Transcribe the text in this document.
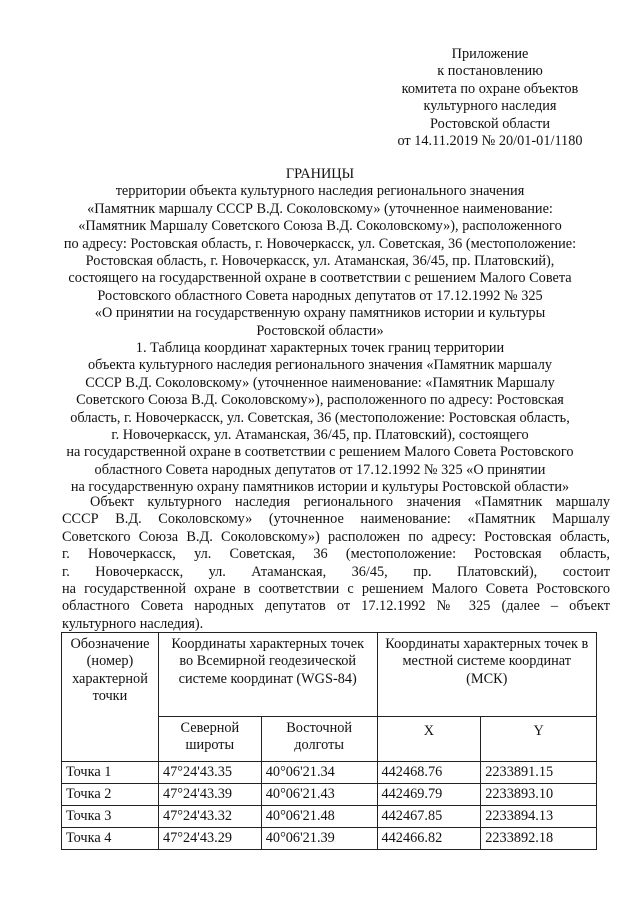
Приложение
к постановлению
комитета по охране объектов
культурного наследия
Ростовской области
от 14.11.2019 № 20/01-01/1180
ГРАНИЦЫ
территории объекта культурного наследия регионального значения
«Памятник маршалу СССР В.Д. Соколовскому» (уточненное наименование:
«Памятник Маршалу Советского Союза В.Д. Соколовскому»), расположенного
по адресу: Ростовская область, г. Новочеркасск, ул. Советская, 36 (местоположение:
Ростовская область, г. Новочеркасск, ул. Атаманская, 36/45, пр. Платовский),
состоящего на государственной охране в соответствии с решением Малого Совета
Ростовского областного Совета народных депутатов от 17.12.1992 № 325
«О принятии на государственную охрану памятников истории и культуры
Ростовской области»
1. Таблица координат характерных точек границ территории
объекта культурного наследия регионального значения «Памятник маршалу
СССР В.Д. Соколовскому» (уточненное наименование: «Памятник Маршалу
Советского Союза В.Д. Соколовскому»), расположенного по адресу: Ростовская
область, г. Новочеркасск, ул. Советская, 36 (местоположение: Ростовская область,
г. Новочеркасск, ул. Атаманская, 36/45, пр. Платовский), состоящего
на государственной охране в соответствии с решением Малого Совета Ростовского
областного Совета народных депутатов от 17.12.1992 № 325 «О принятии
на государственную охрану памятников истории и культуры Ростовской области»
Объект культурного наследия регионального значения «Памятник маршалу
СССР В.Д. Соколовскому» (уточненное наименование: «Памятник Маршалу
Советского Союза В.Д. Соколовскому») расположен по адресу: Ростовская область,
г. Новочеркасск, ул. Советская, 36 (местоположение: Ростовская область,
г. Новочеркасск, ул. Атаманская, 36/45, пр. Платовский), состоит
на государственной охране в соответствии с решением Малого Совета Ростовского
областного Совета народных депутатов от 17.12.1992 № 325 (далее – объект
культурного наследия).
Обозначение (номер) характерной точки	Координаты характерных точек во Всемирной геодезической системе координат (WGS-84)		Координаты характерных точек в местной системе координат (МСК)	
	Северной широты	Восточной долготы	X	Y
Точка 1	47°24'43.35	40°06'21.34	442468.76	2233891.15
Точка 2	47°24'43.39	40°06'21.43	442469.79	2233893.10
Точка 3	47°24'43.32	40°06'21.48	442467.85	2233894.13
Точка 4	47°24'43.29	40°06'21.39	442466.82	2233892.18
